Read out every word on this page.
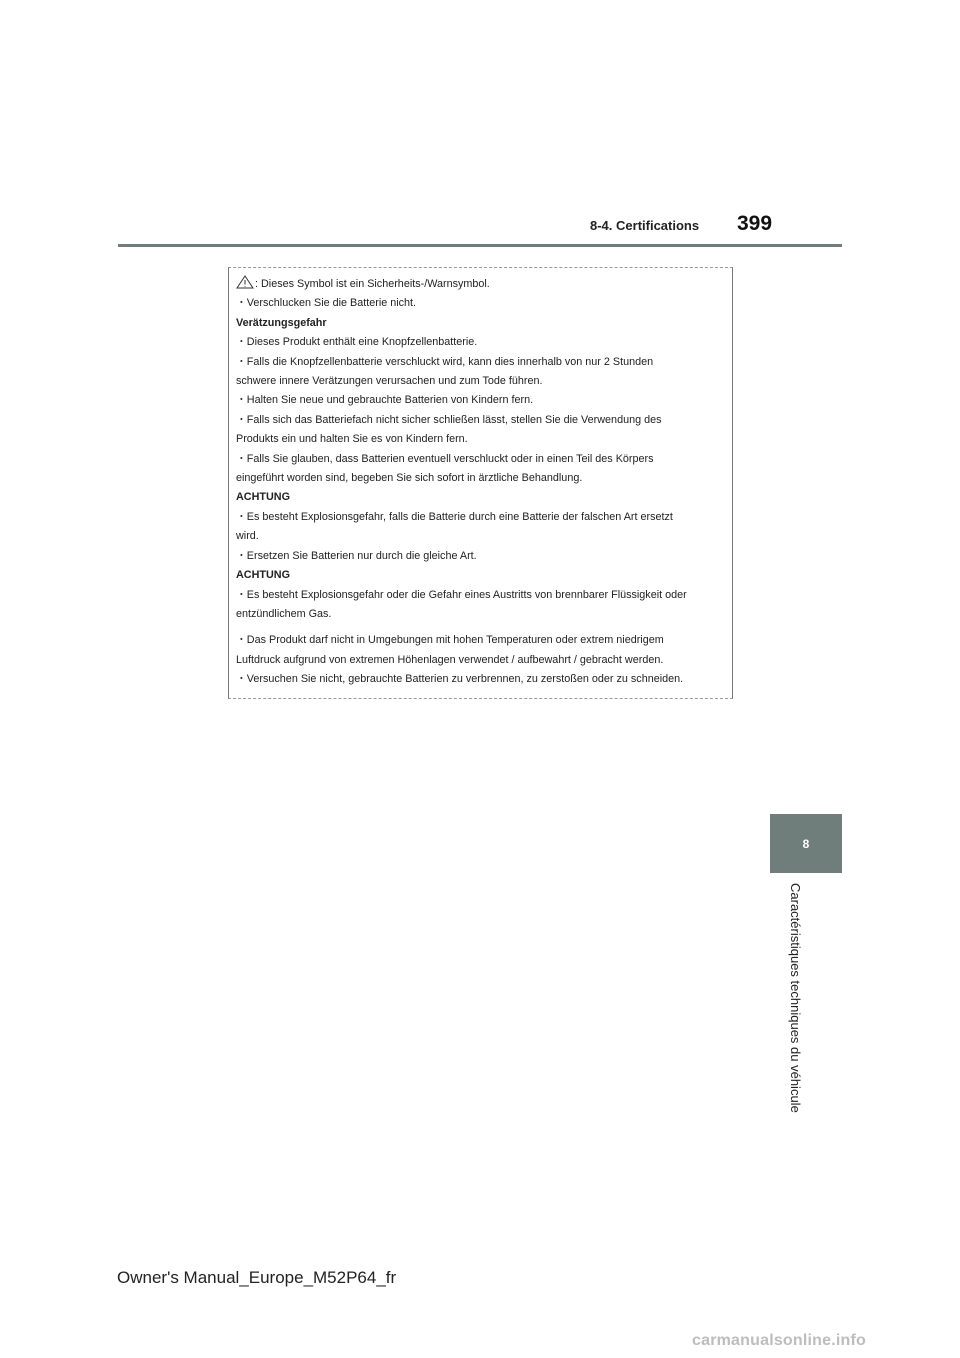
8-4. Certifications 399
: Dieses Symbol ist ein Sicherheits-/Warnsymbol.
・Verschlucken Sie die Batterie nicht.
Verätzungsgefahr
・Dieses Produkt enthält eine Knopfzellenbatterie.
・Falls die Knopfzellenbatterie verschluckt wird, kann dies innerhalb von nur 2 Stunden
schwere innere Verätzungen verursachen und zum Tode führen.
・Halten Sie neue und gebrauchte Batterien von Kindern fern.
・Falls sich das Batteriefach nicht sicher schließen lässt, stellen Sie die Verwendung des
Produkts ein und halten Sie es von Kindern fern.
・Falls Sie glauben, dass Batterien eventuell verschluckt oder in einen Teil des Körpers
eingeführt worden sind, begeben Sie sich sofort in ärztliche Behandlung.
ACHTUNG
・Es besteht Explosionsgefahr, falls die Batterie durch eine Batterie der falschen Art ersetzt
wird.
・Ersetzen Sie Batterien nur durch die gleiche Art.
ACHTUNG
・Es besteht Explosionsgefahr oder die Gefahr eines Austritts von brennbarer Flüssigkeit oder
entzündlichem Gas.
・Das Produkt darf nicht in Umgebungen mit hohen Temperaturen oder extrem niedrigem
Luftdruck aufgrund von extremen Höhenlagen verwendet / aufbewahrt / gebracht werden.
・Versuchen Sie nicht, gebrauchte Batterien zu verbrennen, zu zerstoßen oder zu schneiden.
8
Caractéristiques techniques du véhicule
Owner's Manual_Europe_M52P64_fr
carmanualsonline.info
